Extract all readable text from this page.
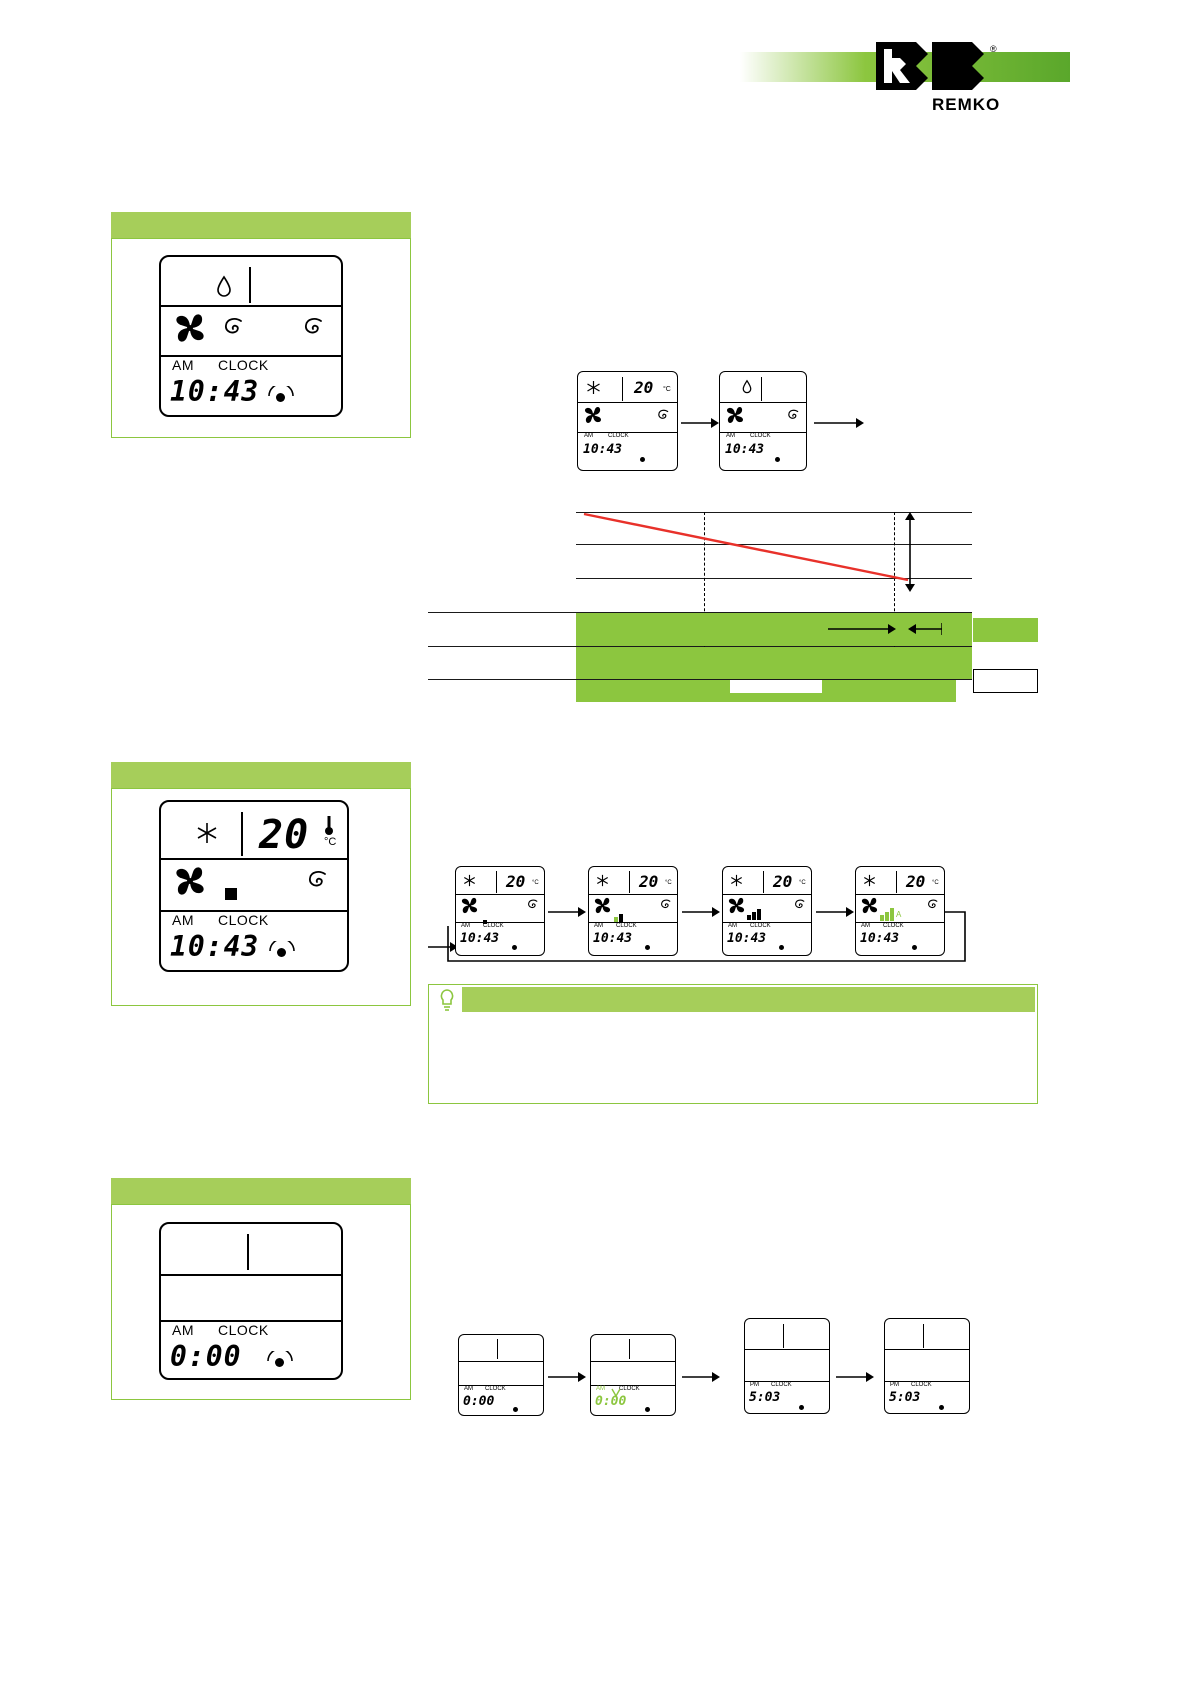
REMKO
®
AM CLOCK
10:43	20 °C
AM	CLOCK
10:43
AM	CLOCK
10:43
20 °C
AM CLOCK
10:43
20 °C
AM CLOCK
10:43
20 °C
AM CLOCK
10:43
20 °C
AM CLOCK
10:43
20 °C
A
AM CLOCK
10:43
AM CLOCK
0:00
AM CLOCK
0:00
AM CLOCK
0:00
PM CLOCK
5:03
PM CLOCK
5:03
